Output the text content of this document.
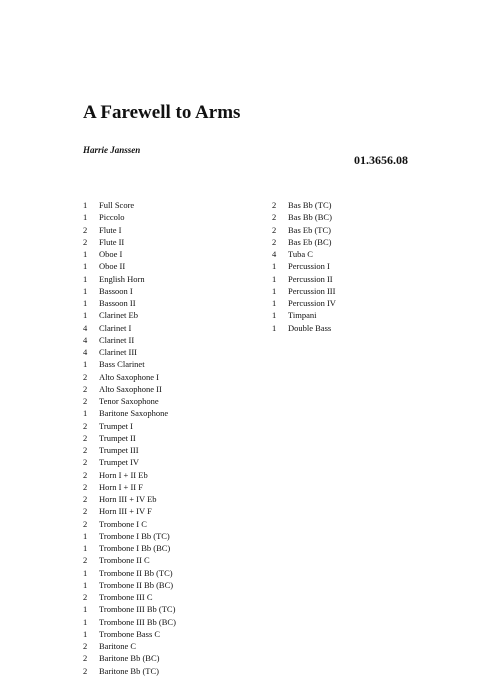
A Farewell to Arms
Harrie Janssen
01.3656.08
1	Full Score
1	Piccolo
2	Flute I
2	Flute II
1	Oboe I
1	Oboe II
1	English Horn
1	Bassoon I
1	Bassoon II
1	Clarinet Eb
4	Clarinet I
4	Clarinet II
4	Clarinet III
1	Bass Clarinet
2	Alto Saxophone I
2	Alto Saxophone II
2	Tenor Saxophone
1	Baritone Saxophone
2	Trumpet I
2	Trumpet II
2	Trumpet III
2	Trumpet IV
2	Horn I + II Eb
2	Horn I + II F
2	Horn III + IV Eb
2	Horn III + IV F
2	Trombone I C
1	Trombone I Bb (TC)
1	Trombone I Bb (BC)
2	Trombone II C
1	Trombone II Bb (TC)
1	Trombone II Bb (BC)
2	Trombone III C
1	Trombone III Bb (TC)
1	Trombone III Bb (BC)
1	Trombone Bass C
2	Baritone C
2	Baritone Bb (BC)
2	Baritone Bb (TC)
2	Bas Bb (TC)
2	Bas Bb (BC)
2	Bas Eb (TC)
2	Bas Eb (BC)
4	Tuba C
1	Percussion I
1	Percussion II
1	Percussion III
1	Percussion IV
1	Timpani
1	Double Bass
